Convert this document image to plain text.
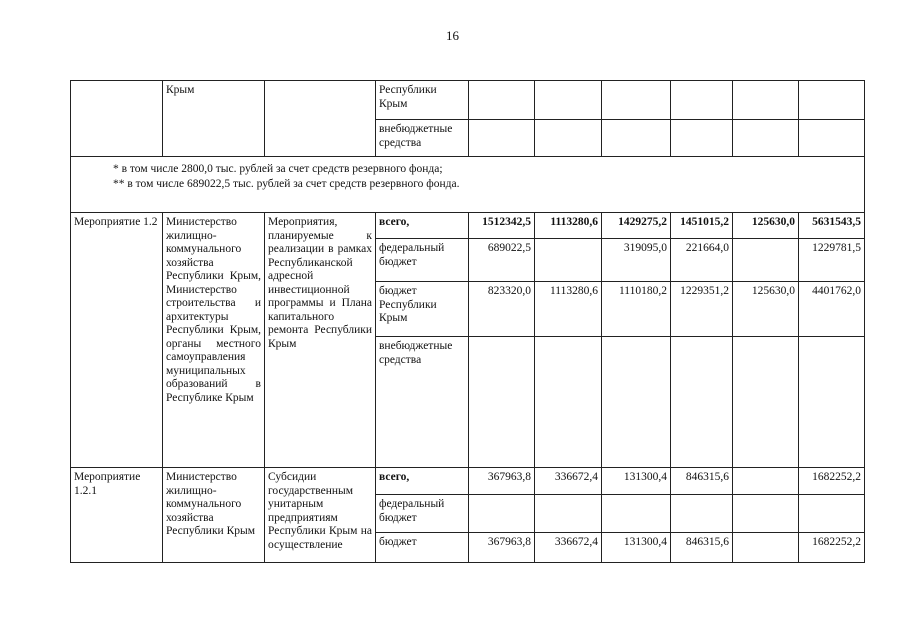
16
	Крым		Республики Крым						
			внебюджетные средства						

* в том числе 2800,0 тыс. рублей за счет средств резервного фонда;
** в том числе 689022,5 тыс. рублей за счет средств резервного фонда.									

Мероприятие 1.2	Министерство жилищно-коммунального хозяйства Республики Крым, Министерство строительства и архитектуры Республики Крым, органы местного самоуправления муниципальных образований в Республике Крым	Мероприятия, планируемые к реализации в рамках Республиканской адресной инвестиционной программы и Плана капитального ремонта Республики Крым	всего,	1512342,5	1113280,6	1429275,2	1451015,2	125630,0	5631543,5
			федеральный бюджет	689022,5		319095,0	221664,0		1229781,5
			бюджет Республики Крым	823320,0	1113280,6	1110180,2	1229351,2	125630,0	4401762,0
			внебюджетные средства						
Мероприятие 1.2.1	Министерство жилищно-коммунального хозяйства Республики Крым	Субсидии государственным унитарным предприятиям Республики Крым на осуществление	всего,	367963,8	336672,4	131300,4	846315,6		1682252,2
			федеральный бюджет						
			бюджет	367963,8	336672,4	131300,4	846315,6		1682252,2
